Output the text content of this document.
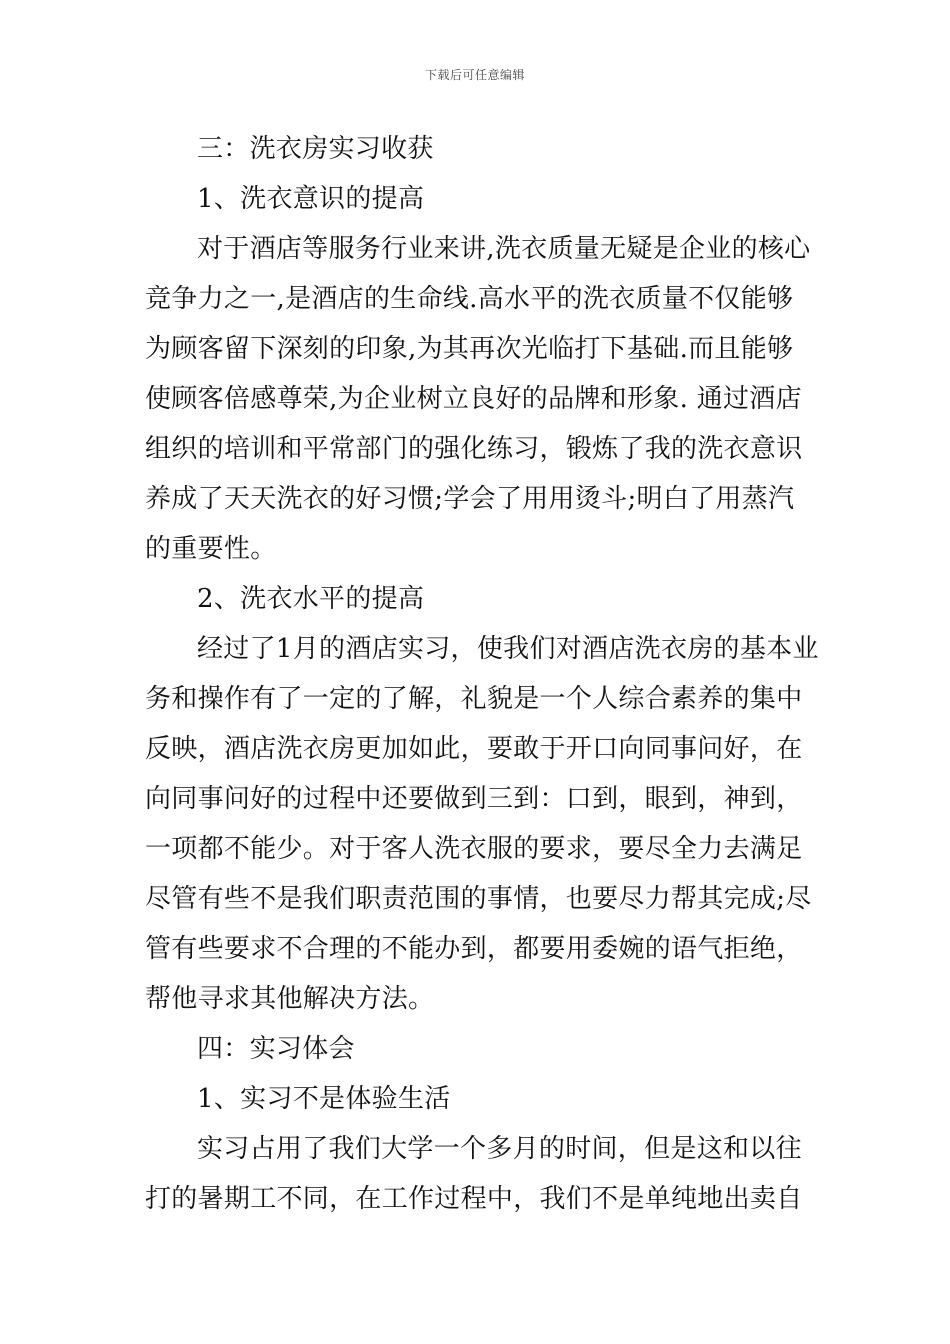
下载后可任意编辑
三：洗衣房实习收获
1、洗衣意识的提高
对于酒店等服务行业来讲,洗衣质量无疑是企业的核心
竞争力之一,是酒店的生命线.高水平的洗衣质量不仅能够
为顾客留下深刻的印象,为其再次光临打下基础.而且能够
使顾客倍感尊荣,为企业树立良好的品牌和形象. 通过酒店
组织的培训和平常部门的强化练习，锻炼了我的洗衣意识
养成了天天洗衣的好习惯;学会了用用烫斗;明白了用蒸汽
的重要性。
2、洗衣水平的提高
经过了1月的酒店实习，使我们对酒店洗衣房的基本业
务和操作有了一定的了解，礼貌是一个人综合素养的集中
反映，酒店洗衣房更加如此，要敢于开口向同事问好，在
向同事问好的过程中还要做到三到：口到，眼到，神到，
一项都不能少。对于客人洗衣服的要求，要尽全力去满足
尽管有些不是我们职责范围的事情，也要尽力帮其完成;尽
管有些要求不合理的不能办到，都要用委婉的语气拒绝，
帮他寻求其他解决方法。
四：实习体会
1、实习不是体验生活
实习占用了我们大学一个多月的时间，但是这和以往
打的暑期工不同，在工作过程中，我们不是单纯地出卖自
